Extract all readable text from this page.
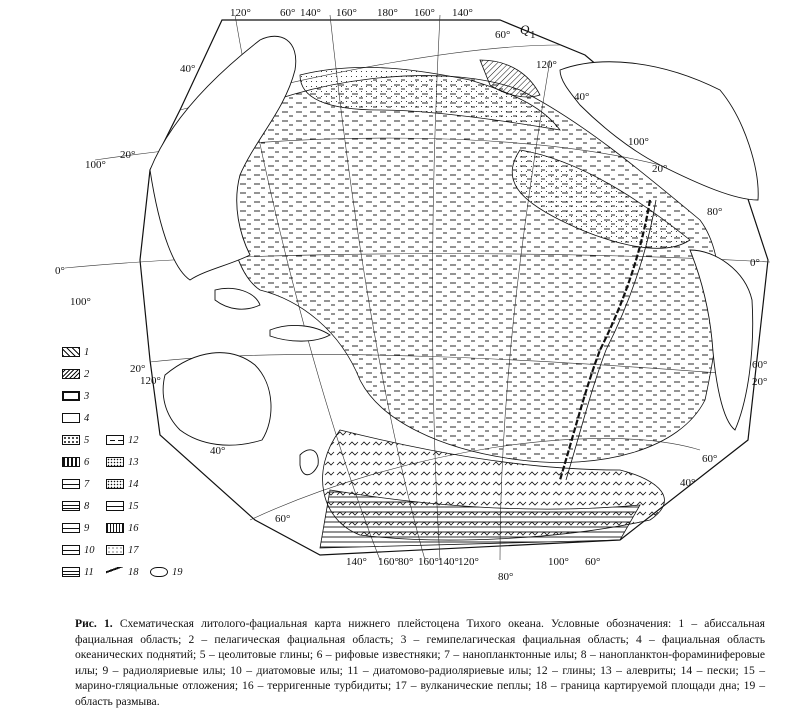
120°	60° 140° 160° 180° 160° 140°
40°
20°
100°
0°
100°
20°
120°
60°
120°
40°
100°
20°
80°
0°
60°
20°
60°
40°
40°
60°
140° 160° 80° 160° 140° 120°	100° 60°
80°
Q 1
1
2
3
4
5
6
7
8
9
10
11
12
13
14
15
16
17
18	19
Рис. 1. Схематическая литолого-фациальная карта нижнего плейстоцена Тихого океана. Условные обозначения: 1 – абиссальная фациальная область; 2 – пелагическая фациальная область; 3 – гемипелагическая фациальная область; 4 – фациальная область океанических поднятий; 5 – цеолитовые глины; 6 – рифовые известняки; 7 – нанопланктонные илы; 8 – нанопланктон-фораминиферовые илы; 9 – радиоляриевые илы; 10 – диатомовые илы; 11 – диатомово-радиоляриевые илы; 12 – глины; 13 – алевриты; 14 – пески; 15 – марино-гляциальные отложения; 16 – терригенные турбидиты; 17 – вулканические пеплы; 18 – граница картируемой площади дна; 19 – область размыва.
